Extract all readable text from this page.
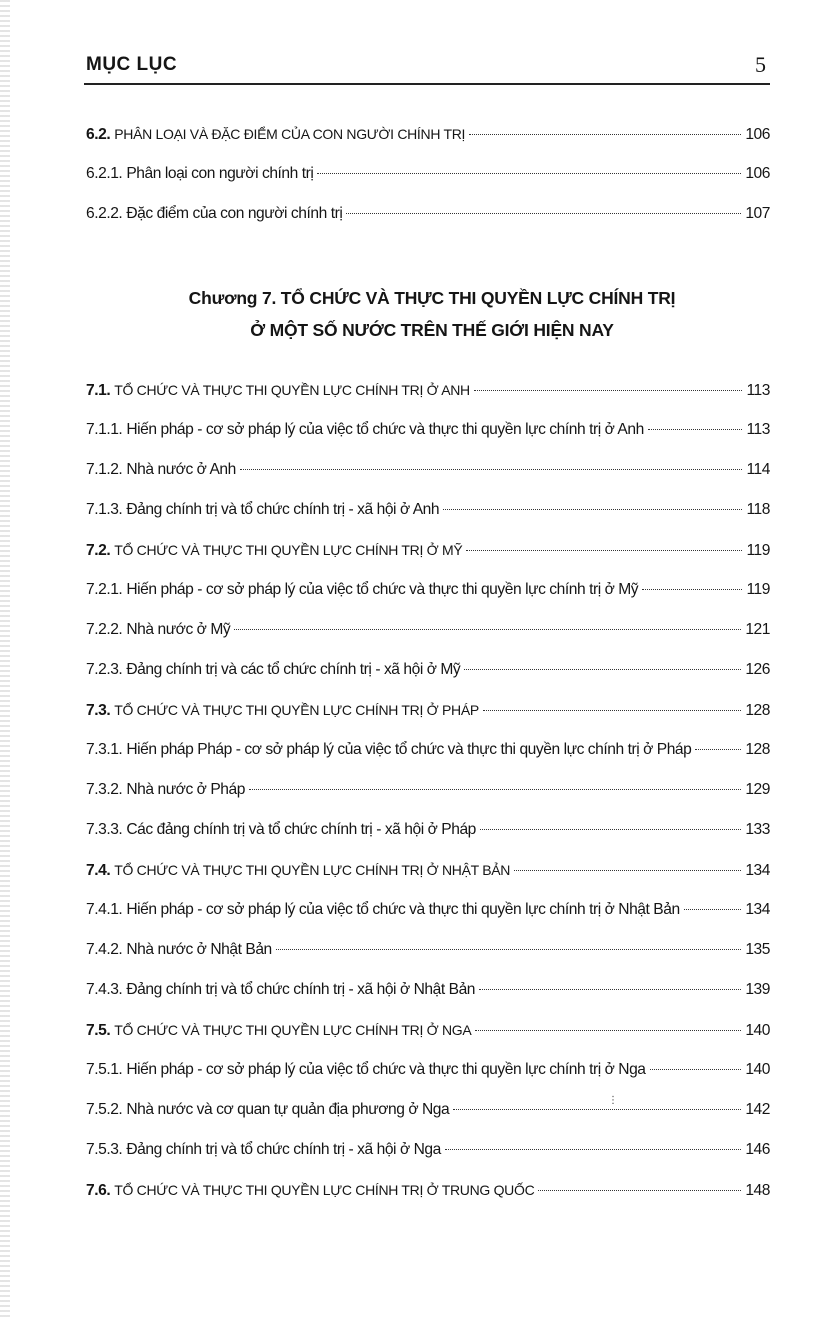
MỤC LỤC	5
6.2. PHÂN LOẠI VÀ ĐẶC ĐIỂM CỦA CON NGƯỜI CHÍNH TRỊ	106
6.2.1. Phân loại con người chính trị	106
6.2.2. Đặc điểm của con người chính trị	107
Chương 7. TỔ CHỨC VÀ THỰC THI QUYỀN LỰC CHÍNH TRỊ
Ở MỘT SỐ NƯỚC TRÊN THẾ GIỚI HIỆN NAY
7.1. TỔ CHỨC VÀ THỰC THI QUYỀN LỰC CHÍNH TRỊ Ở ANH	113
7.1.1. Hiến pháp - cơ sở pháp lý của việc tổ chức và thực thi quyền lực chính trị ở Anh	113
7.1.2. Nhà nước ở Anh	114
7.1.3. Đảng chính trị và tổ chức chính trị - xã hội ở Anh	118
7.2. TỔ CHỨC VÀ THỰC THI QUYỀN LỰC CHÍNH TRỊ Ở MỸ	119
7.2.1. Hiến pháp - cơ sở pháp lý của việc tổ chức và thực thi quyền lực chính trị ở Mỹ	119
7.2.2. Nhà nước ở Mỹ	121
7.2.3. Đảng chính trị và các tổ chức chính trị - xã hội ở Mỹ	126
7.3. TỔ CHỨC VÀ THỰC THI QUYỀN LỰC CHÍNH TRỊ Ở PHÁP	128
7.3.1. Hiến pháp Pháp - cơ sở pháp lý của việc tổ chức và thực thi quyền lực chính trị ở Pháp	128
7.3.2. Nhà nước ở Pháp	129
7.3.3. Các đảng chính trị và tổ chức chính trị - xã hội ở Pháp	133
7.4. TỔ CHỨC VÀ THỰC THI QUYỀN LỰC CHÍNH TRỊ Ở NHẬT BẢN	134
7.4.1. Hiến pháp - cơ sở pháp lý của việc tổ chức và thực thi quyền lực chính trị ở Nhật Bản	134
7.4.2. Nhà nước ở Nhật Bản	135
7.4.3. Đảng chính trị và tổ chức chính trị - xã hội ở Nhật Bản	139
7.5. TỔ CHỨC VÀ THỰC THI QUYỀN LỰC CHÍNH TRỊ Ở NGA	140
7.5.1. Hiến pháp - cơ sở pháp lý của việc tổ chức và thực thi quyền lực chính trị ở Nga	140
7.5.2. Nhà nước và cơ quan tự quản địa phương ở Nga	142
7.5.3. Đảng chính trị và tổ chức chính trị - xã hội ở Nga	146
7.6. TỔ CHỨC VÀ THỰC THI QUYỀN LỰC CHÍNH TRỊ Ở TRUNG QUỐC	148
⋮
